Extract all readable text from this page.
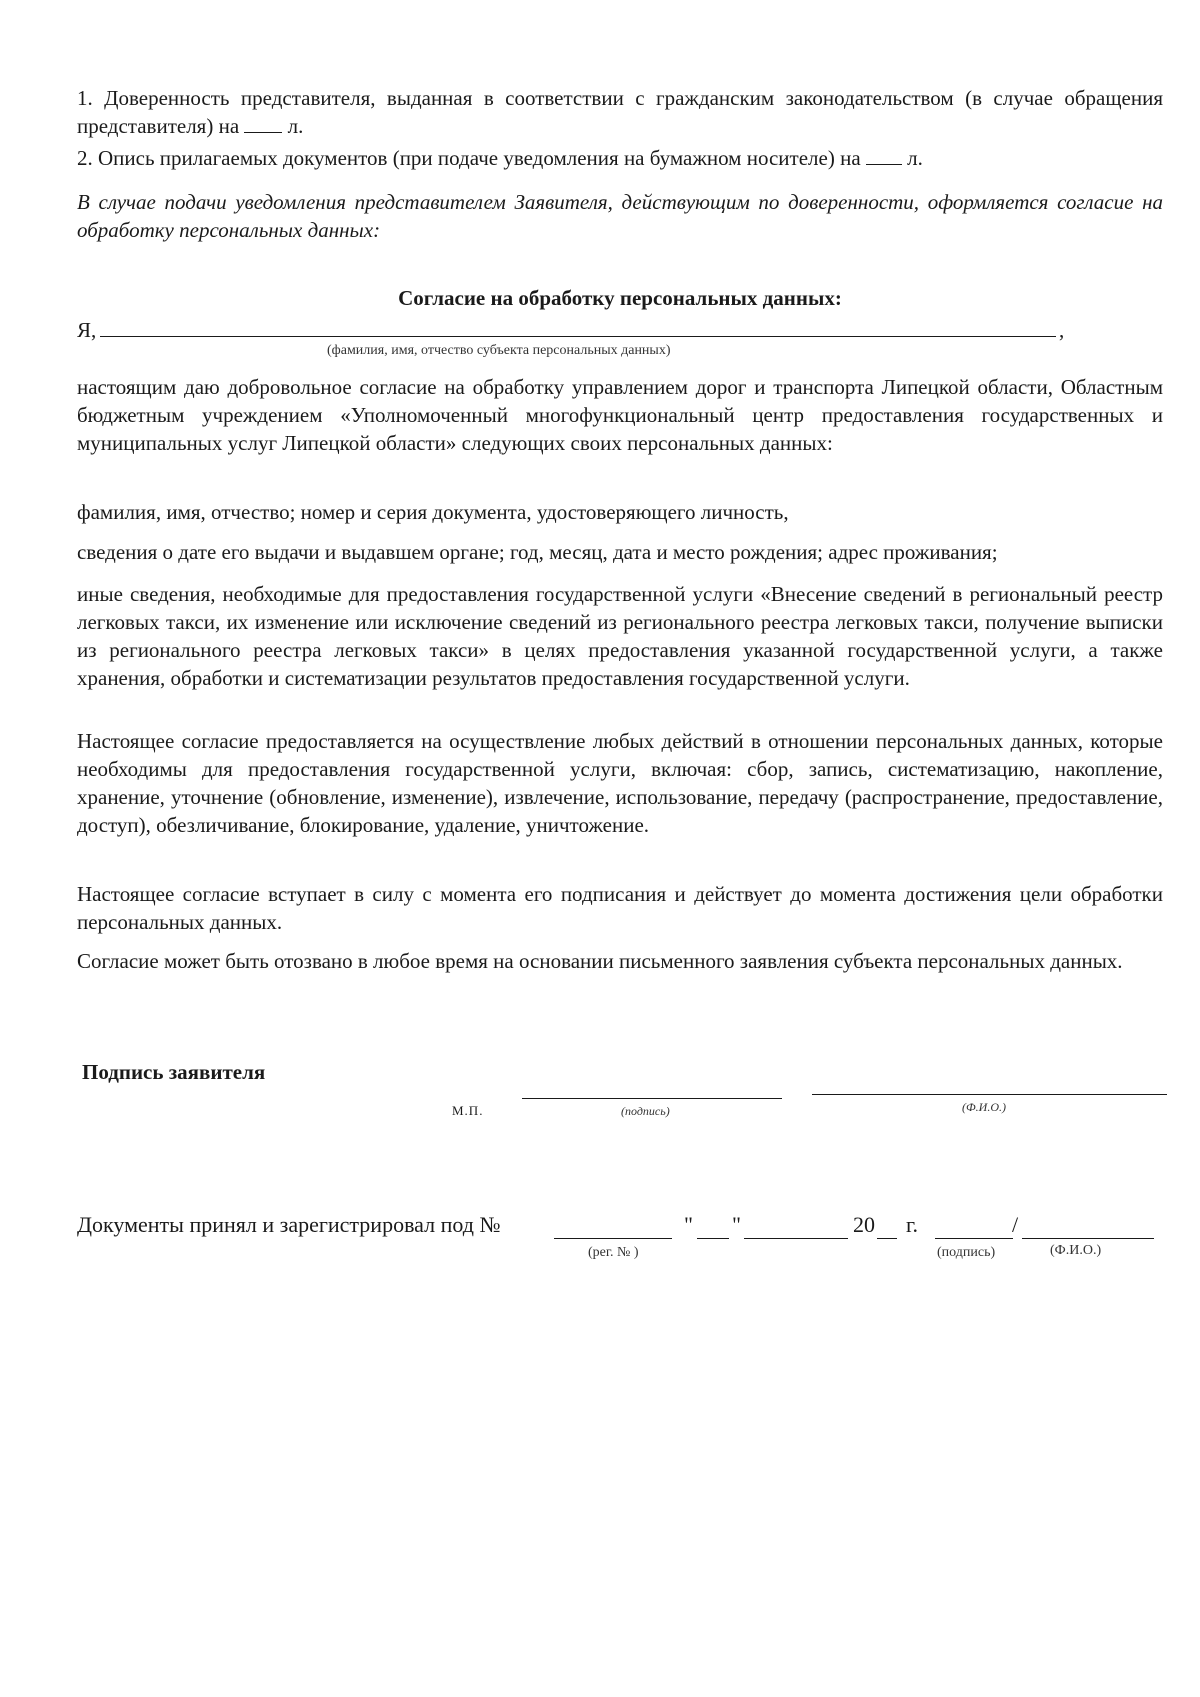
1. Доверенность представителя, выданная в соответствии с гражданским законодательством (в случае обращения представителя) на л.
2. Опись прилагаемых документов (при подаче уведомления на бумажном носителе) на л.
В случае подачи уведомления представителем Заявителя, действующим по доверенности, оформляется согласие на обработку персональных данных:
Согласие на обработку персональных данных:
Я,	,
(фамилия, имя, отчество субъекта персональных данных)
настоящим даю добровольное согласие на обработку управлением дорог и транспорта Липецкой области, Областным бюджетным учреждением «Уполномоченный многофункциональный центр предоставления государственных и муниципальных услуг Липецкой области» следующих своих персональных данных:
фамилия, имя, отчество; номер и серия документа, удостоверяющего личность,
сведения о дате его выдачи и выдавшем органе; год, месяц, дата и место рождения; адрес проживания;
иные сведения, необходимые для предоставления государственной услуги «Внесение сведений в региональный реестр легковых такси, их изменение или исключение сведений из регионального реестра легковых такси, получение выписки из регионального реестра легковых такси» в целях предоставления указанной государственной услуги, а также хранения, обработки и систематизации результатов предоставления государственной услуги.
Настоящее согласие предоставляется на осуществление любых действий в отношении персональных данных, которые необходимы для предоставления государственной услуги, включая: сбор, запись, систематизацию, накопление, хранение, уточнение (обновление, изменение), извлечение, использование, передачу (распространение, предоставление, доступ), обезличивание, блокирование, удаление, уничтожение.
Настоящее согласие вступает в силу с момента его подписания и действует до момента достижения цели обработки персональных данных.
Согласие может быть отозвано в любое время на основании письменного заявления субъекта персональных данных.
Подпись заявителя
М.П.	(подпись)	(Ф.И.О.)
Документы принял и зарегистрировал под №
(рег. № )
" "	20 г.	/
(подпись)	(Ф.И.О.)
